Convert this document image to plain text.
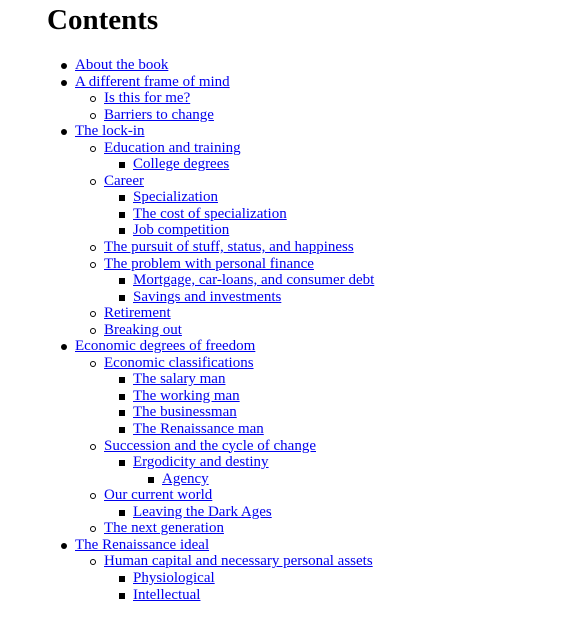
Contents
About the book
A different frame of mind
Is this for me?
Barriers to change
The lock-in
Education and training
College degrees
Career
Specialization
The cost of specialization
Job competition
The pursuit of stuff, status, and happiness
The problem with personal finance
Mortgage, car-loans, and consumer debt
Savings and investments
Retirement
Breaking out
Economic degrees of freedom
Economic classifications
The salary man
The working man
The businessman
The Renaissance man
Succession and the cycle of change
Ergodicity and destiny
Agency
Our current world
Leaving the Dark Ages
The next generation
The Renaissance ideal
Human capital and necessary personal assets
Physiological
Intellectual
